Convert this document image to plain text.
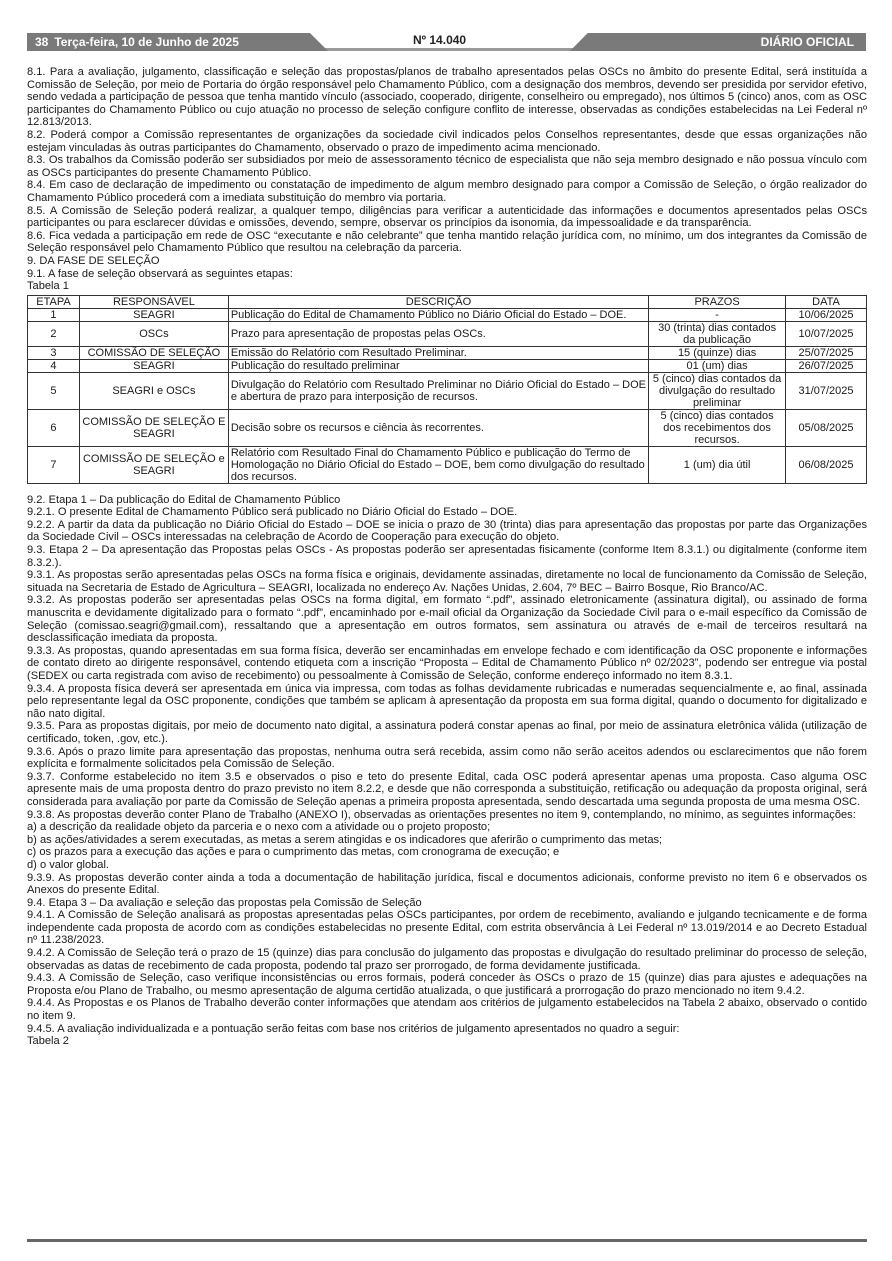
38 Terça-feira, 10 de Junho de 2025	Nº 14.040	DIÁRIO OFICIAL

8.1. Para a avaliação, julgamento, classificação e seleção das propostas/planos de trabalho apresentados pelas OSCs no âmbito do presente Edital, será instituída a Comissão de Seleção, por meio de Portaria do órgão responsável pelo Chamamento Público, com a designação dos membros, devendo ser presidida por servidor efetivo, sendo vedada a participação de pessoa que tenha mantido vínculo (associado, cooperado, dirigente, conselheiro ou empregado), nos últimos 5 (cinco) anos, com as OSC participantes do Chamamento Público ou cujo atuação no processo de seleção configure conflito de interesse, observadas as condições estabelecidas na Lei Federal nº 12.813/2013.

8.2. Poderá compor a Comissão representantes de organizações da sociedade civil indicados pelos Conselhos representantes, desde que essas organizações não estejam vinculadas às outras participantes do Chamamento, observado o prazo de impedimento acima mencionado.

8.3. Os trabalhos da Comissão poderão ser subsidiados por meio de assessoramento técnico de especialista que não seja membro designado e não possua vínculo com as OSCs participantes do presente Chamamento Público.

8.4. Em caso de declaração de impedimento ou constatação de impedimento de algum membro designado para compor a Comissão de Seleção, o órgão realizador do Chamamento Público procederá com a imediata substituição do membro via portaria.

8.5. A Comissão de Seleção poderá realizar, a qualquer tempo, diligências para verificar a autenticidade das informações e documentos apresentados pelas OSCs participantes ou para esclarecer dúvidas e omissões, devendo, sempre, observar os princípios da isonomia, da impessoalidade e da transparência.

8.6. Fica vedada a participação em rede de OSC “executante e não celebrante” que tenha mantido relação jurídica com, no mínimo, um dos integrantes da Comissão de Seleção responsável pelo Chamamento Público que resultou na celebração da parceria.

9. DA FASE DE SELEÇÃO

9.1. A fase de seleção observará as seguintes etapas:

Tabela 1

ETAPA	RESPONSÁVEL	DESCRIÇÃO	PRAZOS	DATA
1	SEAGRI	Publicação do Edital de Chamamento Público no Diário Oficial do Estado – DOE.	-	10/06/2025
2	OSCs	Prazo para apresentação de propostas pelas OSCs.	30 (trinta) dias contados da publicação	10/07/2025
3	COMISSÃO DE SELEÇÃO	Emissão do Relatório com Resultado Preliminar.	15 (quinze) dias	25/07/2025
4	SEAGRI	Publicação do resultado preliminar	01 (um) dias	26/07/2025
5	SEAGRI e OSCs	Divulgação do Relatório com Resultado Preliminar no Diário Oficial do Estado – DOE e abertura de prazo para interposição de recursos.	5 (cinco) dias contados da divulgação do resultado preliminar	31/07/2025
6	COMISSÃO DE SELEÇÃO E SEAGRI	Decisão sobre os recursos e ciência às recorrentes.	5 (cinco) dias contados dos recebimentos dos recursos.	05/08/2025
7	COMISSÃO DE SELEÇÃO e SEAGRI	Relatório com Resultado Final do Chamamento Público e publicação do Termo de Homologação no Diário Oficial do Estado – DOE, bem como divulgação do resultado dos recursos.	1 (um) dia útil	06/08/2025

9.2. Etapa 1 – Da publicação do Edital de Chamamento Público

9.2.1. O presente Edital de Chamamento Público será publicado no Diário Oficial do Estado – DOE.

9.2.2. A partir da data da publicação no Diário Oficial do Estado – DOE se inicia o prazo de 30 (trinta) dias para apresentação das propostas por parte das Organizações da Sociedade Civil – OSCs interessadas na celebração de Acordo de Cooperação para execução do objeto.

9.3. Etapa 2 – Da apresentação das Propostas pelas OSCs - As propostas poderão ser apresentadas fisicamente (conforme Item 8.3.1.) ou digitalmente (conforme item 8.3.2.).

9.3.1. As propostas serão apresentadas pelas OSCs na forma física e originais, devidamente assinadas, diretamente no local de funcionamento da Comissão de Seleção, situada na Secretaria de Estado de Agricultura – SEAGRI, localizada no endereço Av. Nações Unidas, 2.604, 7º BEC – Bairro Bosque, Rio Branco/AC.

9.3.2. As propostas poderão ser apresentadas pelas OSCs na forma digital, em formato “.pdf”, assinado eletronicamente (assinatura digital), ou assinado de forma manuscrita e devidamente digitalizado para o formato “.pdf”, encaminhado por e-mail oficial da Organização da Sociedade Civil para o e-mail específico da Comissão de Seleção (comissao.seagri@gmail.com), ressaltando que a apresentação em outros formatos, sem assinatura ou através de e-mail de terceiros resultará na desclassificação imediata da proposta.

9.3.3. As propostas, quando apresentadas em sua forma física, deverão ser encaminhadas em envelope fechado e com identificação da OSC proponente e informações de contato direto ao dirigente responsável, contendo etiqueta com a inscrição “Proposta – Edital de Chamamento Público nº 02/2023”, podendo ser entregue via postal (SEDEX ou carta registrada com aviso de recebimento) ou pessoalmente à Comissão de Seleção, conforme endereço informado no item 8.3.1.

9.3.4. A proposta física deverá ser apresentada em única via impressa, com todas as folhas devidamente rubricadas e numeradas sequencialmente e, ao final, assinada pelo representante legal da OSC proponente, condições que também se aplicam à apresentação da proposta em sua forma digital, quando o documento for digitalizado e não nato digital.

9.3.5. Para as propostas digitais, por meio de documento nato digital, a assinatura poderá constar apenas ao final, por meio de assinatura eletrônica válida (utilização de certificado, token, .gov, etc.).

9.3.6. Após o prazo limite para apresentação das propostas, nenhuma outra será recebida, assim como não serão aceitos adendos ou esclarecimentos que não forem explícita e formalmente solicitados pela Comissão de Seleção.

9.3.7. Conforme estabelecido no item 3.5 e observados o piso e teto do presente Edital, cada OSC poderá apresentar apenas uma proposta. Caso alguma OSC apresente mais de uma proposta dentro do prazo previsto no item 8.2.2, e desde que não corresponda a substituição, retificação ou adequação da proposta original, será considerada para avaliação por parte da Comissão de Seleção apenas a primeira proposta apresentada, sendo descartada uma segunda proposta de uma mesma OSC.

9.3.8. As propostas deverão conter Plano de Trabalho (ANEXO I), observadas as orientações presentes no item 9, contemplando, no mínimo, as seguintes informações:

a) a descrição da realidade objeto da parceria e o nexo com a atividade ou o projeto proposto;

b) as ações/atividades a serem executadas, as metas a serem atingidas e os indicadores que aferirão o cumprimento das metas;

c) os prazos para a execução das ações e para o cumprimento das metas, com cronograma de execução; e

d) o valor global.

9.3.9. As propostas deverão conter ainda a toda a documentação de habilitação jurídica, fiscal e documentos adicionais, conforme previsto no item 6 e observados os Anexos do presente Edital.

9.4. Etapa 3 – Da avaliação e seleção das propostas pela Comissão de Seleção

9.4.1. A Comissão de Seleção analisará as propostas apresentadas pelas OSCs participantes, por ordem de recebimento, avaliando e julgando tecnicamente e de forma independente cada proposta de acordo com as condições estabelecidas no presente Edital, com estrita observância à Lei Federal nº 13.019/2014 e ao Decreto Estadual nº 11.238/2023.

9.4.2. A Comissão de Seleção terá o prazo de 15 (quinze) dias para conclusão do julgamento das propostas e divulgação do resultado preliminar do processo de seleção, observadas as datas de recebimento de cada proposta, podendo tal prazo ser prorrogado, de forma devidamente justificada.

9.4.3. A Comissão de Seleção, caso verifique inconsistências ou erros formais, poderá conceder às OSCs o prazo de 15 (quinze) dias para ajustes e adequações na Proposta e/ou Plano de Trabalho, ou mesmo apresentação de alguma certidão atualizada, o que justificará a prorrogação do prazo mencionado no item 9.4.2.

9.4.4. As Propostas e os Planos de Trabalho deverão conter informações que atendam aos critérios de julgamento estabelecidos na Tabela 2 abaixo, observado o contido no item 9.

9.4.5. A avaliação individualizada e a pontuação serão feitas com base nos critérios de julgamento apresentados no quadro a seguir:

Tabela 2
